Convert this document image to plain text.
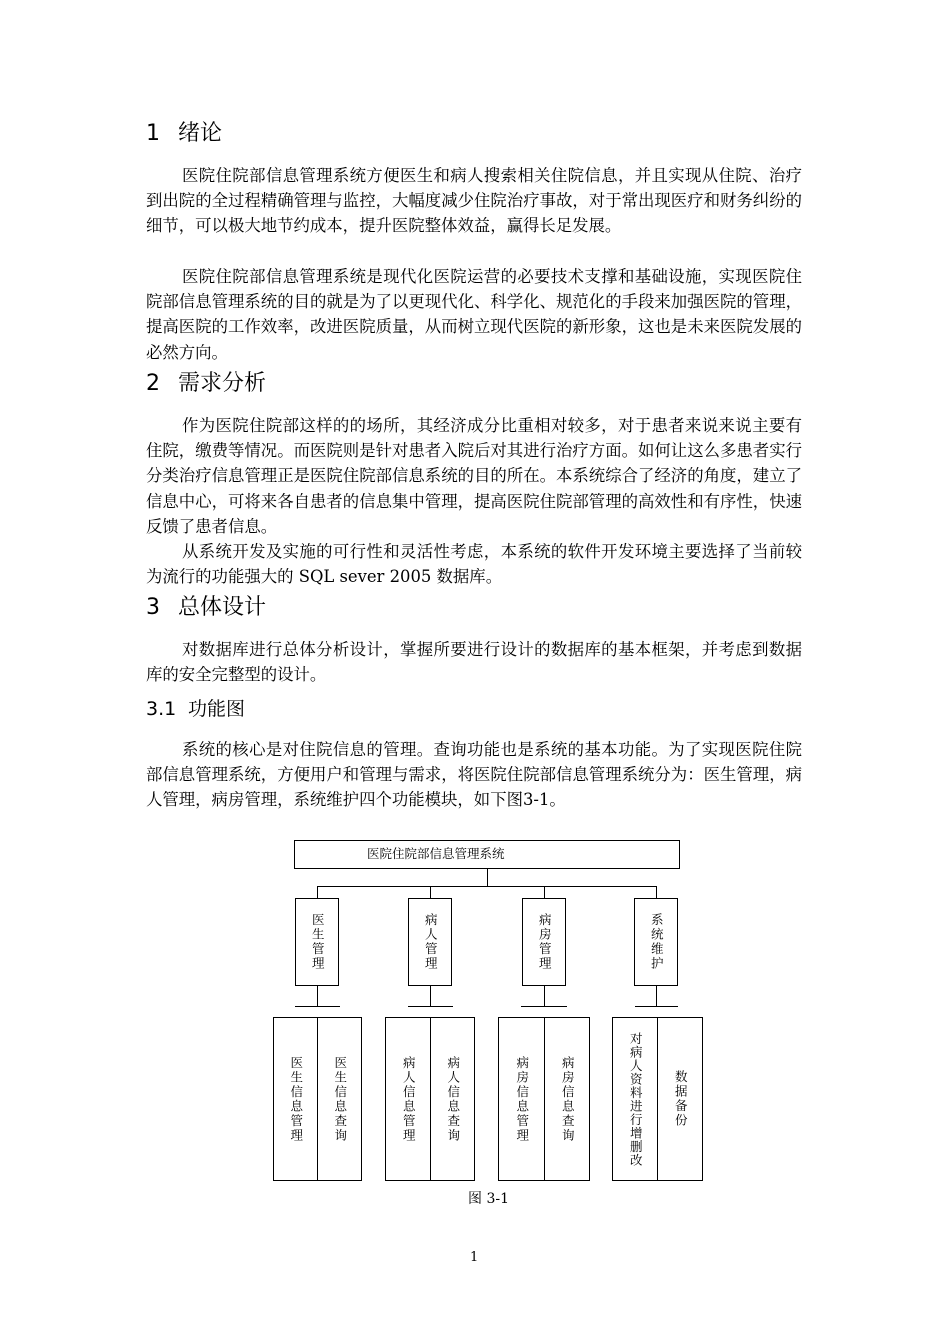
1 绪论

医院住院部信息管理系统方便医生和病人搜索相关住院信息，并且实现从住院、治疗到出院的全过程精确管理与监控，大幅度减少住院治疗事故，对于常出现医疗和财务纠纷的细节，可以极大地节约成本，提升医院整体效益，赢得长足发展。

医院住院部信息管理系统是现代化医院运营的必要技术支撑和基础设施，实现医院住院部信息管理系统的目的就是为了以更现代化、科学化、规范化的手段来加强医院的管理，提高医院的工作效率，改进医院质量，从而树立现代医院的新形象，这也是未来医院发展的必然方向。

2 需求分析

作为医院住院部这样的的场所，其经济成分比重相对较多，对于患者来说来说主要有住院，缴费等情况。而医院则是针对患者入院后对其进行治疗方面。如何让这么多患者实行分类治疗信息管理正是医院住院部信息系统的目的所在。本系统综合了经济的角度，建立了信息中心，可将来各自患者的信息集中管理，提高医院住院部管理的高效性和有序性，快速反馈了患者信息。

从系统开发及实施的可行性和灵活性考虑，本系统的软件开发环境主要选择了当前较为流行的功能强大的 SQL sever 2005 数据库。

3 总体设计

对数据库进行总体分析设计，掌握所要进行设计的数据库的基本框架，并考虑到数据库的安全完整型的设计。

3.1 功能图

系统的核心是对住院信息的管理。查询功能也是系统的基本功能。为了实现医院住院部信息管理系统，方便用户和管理与需求，将医院住院部信息管理系统分为：医生管理，病人管理，病房管理，系统维护四个功能模块，如下图3-1。

医院住院部信息管理系统
医生管理	病人管理	病房管理	系统维护
医生信息管理 医生信息查询	病人信息管理 病人信息查询	病房信息管理 病房信息查询	对病人资料进行增删改 数据备份
图 3-1
1
